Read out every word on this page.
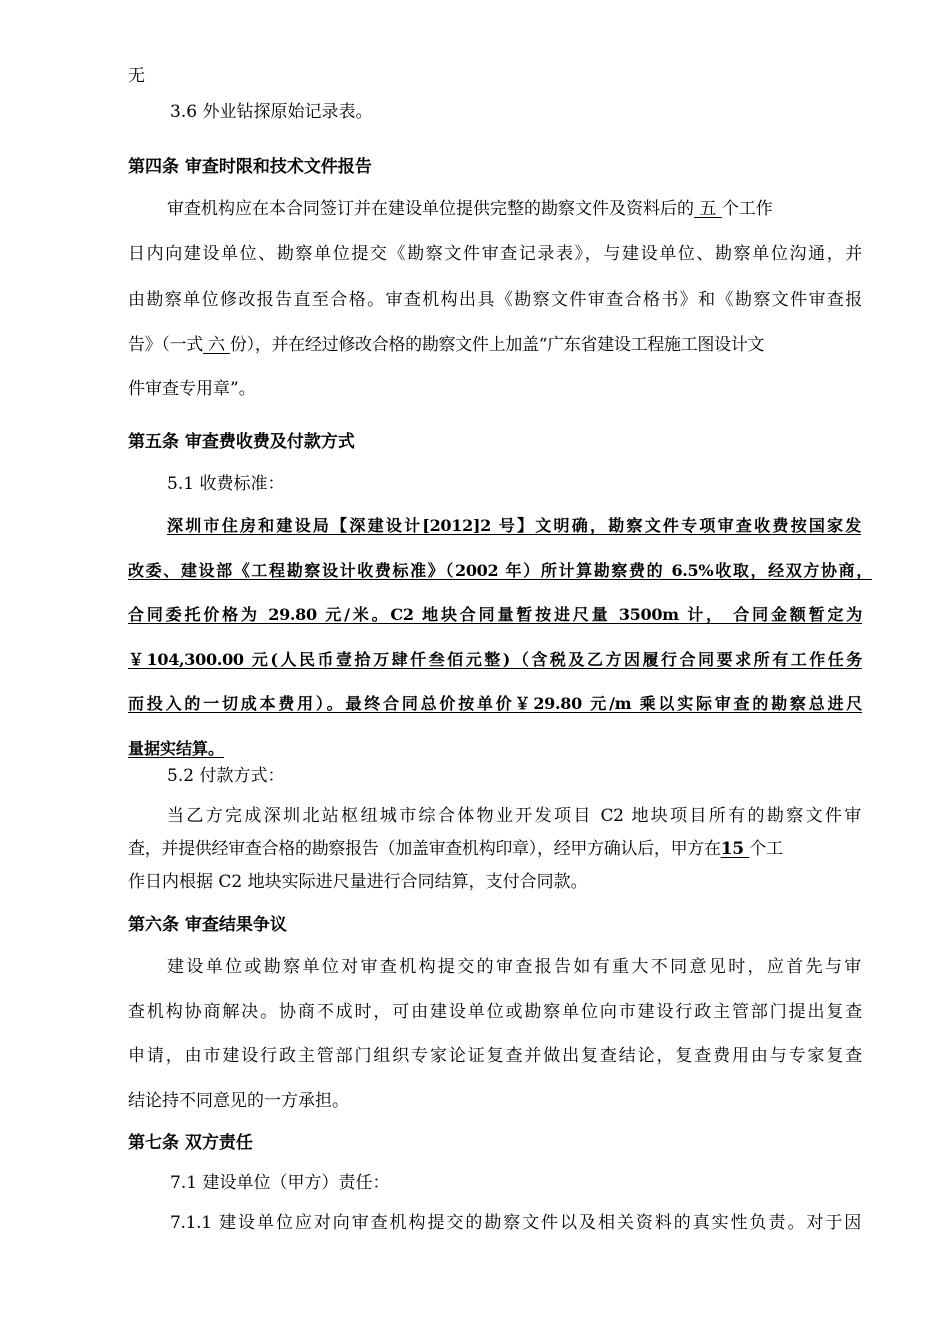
无
3.6 外业钻探原始记录表。
第四条 审查时限和技术文件报告
审查机构应在本合同签订并在建设单位提供完整的勘察文件及资料后的 五 个工作
日内向建设单位、勘察单位提交《勘察文件审查记录表》，与建设单位、勘察单位沟通，并
由勘察单位修改报告直至合格。审查机构出具《勘察文件审查合格书》和《勘察文件审查报
告》（一式 六 份），并在经过修改合格的勘察文件上加盖“广东省建设工程施工图设计文
件审查专用章”。
第五条 审查费收费及付款方式
5.1 收费标准：
深圳市住房和建设局【深建设计[2012]2 号】文明确，勘察文件专项审查收费按国家发
改委、建设部《工程勘察设计收费标准》（2002 年）所计算勘察费的 6.5%收取，经双方协商，
合同委托价格为 29.80 元/米。C2 地块合同量暂按进尺量 3500m 计， 合同金额暂定为
￥104,300.00 元(人民币壹拾万肆仟叁佰元整)（含税及乙方因履行合同要求所有工作任务
而投入的一切成本费用）。最终合同总价按单价￥29.80 元/m 乘以实际审查的勘察总进尺
量据实结算。
5.2 付款方式：
当乙方完成深圳北站枢纽城市综合体物业开发项目 C2 地块项目所有的勘察文件审
查，并提供经审查合格的勘察报告（加盖审查机构印章），经甲方确认后，甲方在15 个工
作日内根据 C2 地块实际进尺量进行合同结算，支付合同款。
第六条 审查结果争议
建设单位或勘察单位对审查机构提交的审查报告如有重大不同意见时，应首先与审
查机构协商解决。协商不成时，可由建设单位或勘察单位向市建设行政主管部门提出复查
申请，由市建设行政主管部门组织专家论证复查并做出复查结论，复查费用由与专家复查
结论持不同意见的一方承担。
第七条 双方责任
7.1 建设单位（甲方）责任：
7.1.1 建设单位应对向审查机构提交的勘察文件以及相关资料的真实性负责。对于因
